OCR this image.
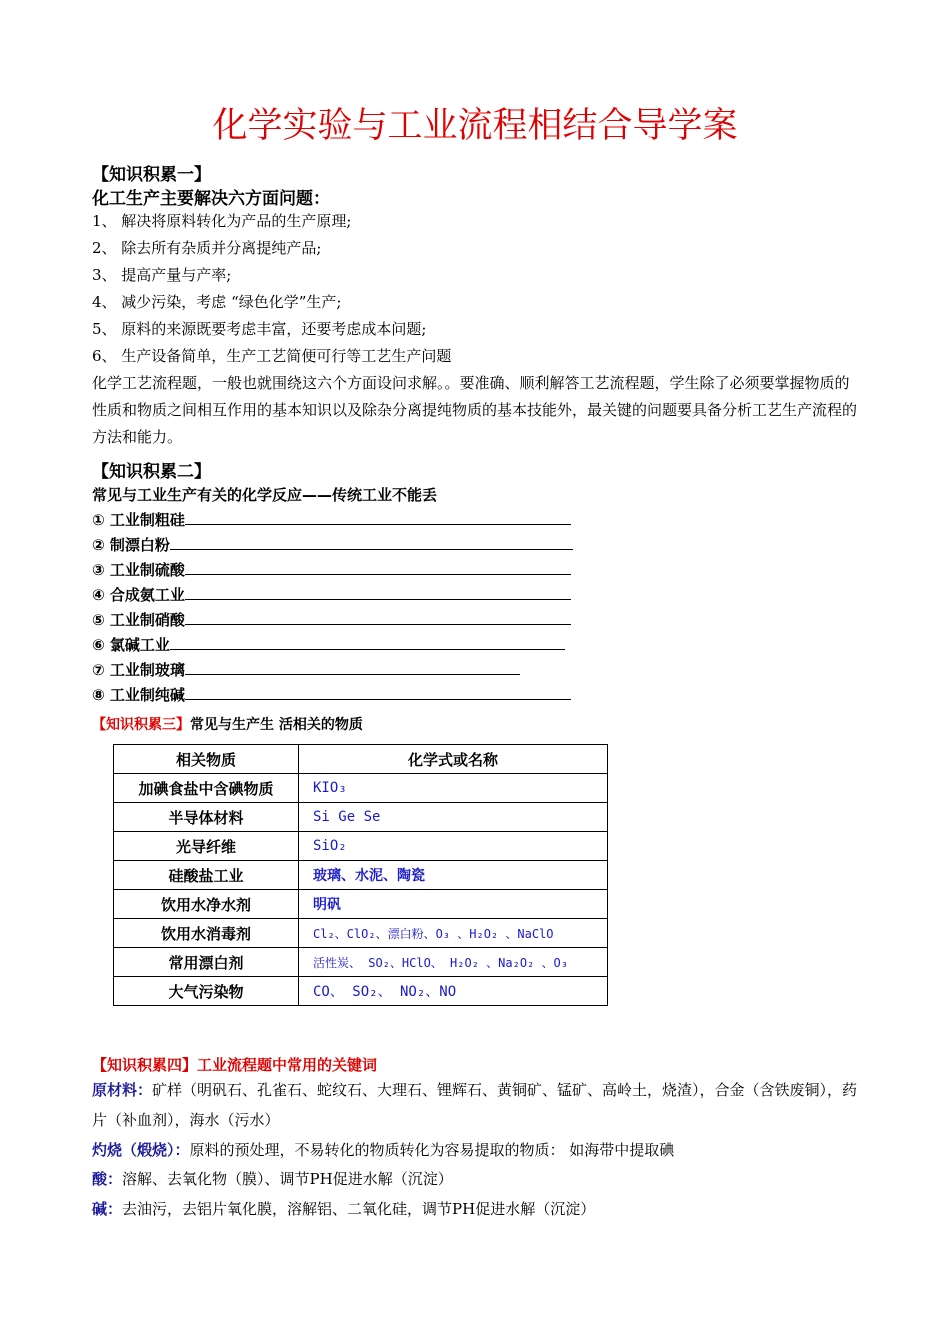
化学实验与工业流程相结合导学案
【知识积累一】
化工生产主要解决六方面问题：
1、 解决将原料转化为产品的生产原理;
2、 除去所有杂质并分离提纯产品;
3、 提高产量与产率;
4、 减少污染，考虑 “绿色化学”生产;
5、 原料的来源既要考虑丰富，还要考虑成本问题;
6、 生产设备简单，生产工艺简便可行等工艺生产问题
化学工艺流程题，一般也就围绕这六个方面设问求解。。要准确、顺利解答工艺流程题，学生除了必须要掌握物质的性质和物质之间相互作用的基本知识以及除杂分离提纯物质的基本技能外，最关键的问题要具备分析工艺生产流程的方法和能力。
【知识积累二】
常见与工业生产有关的化学反应——传统工业不能丢
① 工业制粗硅
② 制漂白粉
③ 工业制硫酸
④ 合成氨工业
⑤ 工业制硝酸
⑥ 氯碱工业
⑦ 工业制玻璃
⑧ 工业制纯碱
【知识积累三】常见与生产生 活相关的物质
相关物质	化学式或名称
加碘食盐中含碘物质	KIO₃
半导体材料	Si Ge Se
光导纤维	SiO₂
硅酸盐工业	玻璃、水泥、陶瓷
饮用水净水剂	明矾
饮用水消毒剂	Cl₂、ClO₂、漂白粉、O₃ 、H₂O₂ 、NaClO
常用漂白剂	活性炭、 SO₂、HClO、 H₂O₂ 、Na₂O₂ 、O₃
大气污染物	CO、 SO₂、 NO₂、NO
【知识积累四】工业流程题中常用的关键词
原材料：矿样（明矾石、孔雀石、蛇纹石、大理石、锂辉石、黄铜矿、锰矿、高岭土，烧渣），合金（含铁废铜），药片（补血剂），海水（污水）
灼烧（煅烧）：原料的预处理，不易转化的物质转化为容易提取的物质： 如海带中提取碘
酸：溶解、去氧化物（膜）、调节PH促进水解（沉淀）
碱：去油污，去铝片氧化膜，溶解铝、二氧化硅，调节PH促进水解（沉淀）
